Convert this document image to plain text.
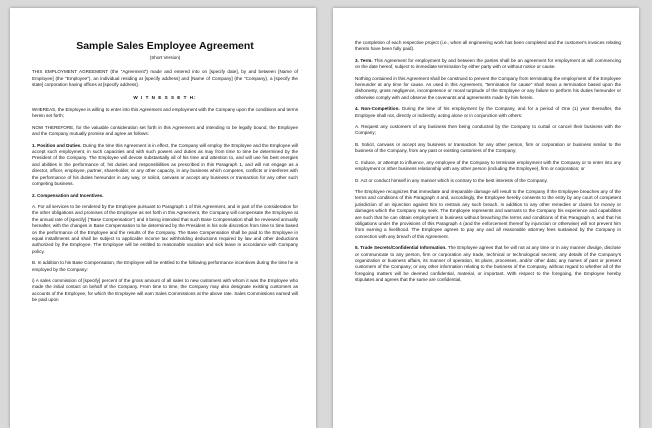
Sample Sales Employee Agreement
(Short Version)

THIS EMPLOYMENT AGREEMENT (the "Agreement") made and entered into on [specify date], by and between [Name of Employee] (the "Employee"), an individual residing at [specify address] and [Name of Company] (the "Company), a [specify the state] corporation having offices at [specify address].

W I T N E S S E T H:

WHEREAS, the Employee is willing to enter into this Agreement and employment with the Company upon the conditions and terms herein set forth;

NOW THEREFORE, for the valuable consideration set forth in this Agreement and intending to be legally bound, the Employee and the Company mutually promise and agree as follows:

1. Position and Duties. During the time this Agreement is in effect, the Company will employ the Employee and the Employee will accept such employment, in such capacities and with such powers and duties as may from time to time be determined by the President of the Company. The Employee will devote substantially all of his time and attention to, and will use his best energies and abilities in the performance of, his duties and responsibilities as prescribed in this Paragraph 1, and will not engage as a director, officer, employee, partner, shareholder, or any other capacity, in any business which competes, conflicts or interferes with the performance of his duties hereunder in any way, or solicit, canvass or accept any business or transaction for any other such competing business.

2. Compensation and Incentives.

A. For all services to be rendered by the Employee pursuant to Paragraph 1 of this Agreement, and in part of the consideration for the other obligations and promises of the Employee as set forth in this Agreement, the Company will compensate the Employee at the annual rate of [specify] ("Base Compensation") and it being intended that such Base Compensation shall be reviewed annually hereafter, with the changes in Base Compensation to be determined by the President in his sole discretion from time to time based on the performance of the Employee and the results of the Company. The Base Compensation shall be paid to the Employee in equal installments and shall be subject to applicable income tax withholding deductions required by law and other deductions authorized by the Employee. The Employee will be entitled to reasonable vacation and sick leave in accordance with Company policy.

B. In addition to his Base Compensation, the Employee will be entitled to the following performance incentives during the time he is employed by the Company:

i) A sales commission of [specify] percent of the gross amount of all sales to new customers with whom it was the Employee who made the initial contact on behalf of the Company. From time to time, the Company may also designate existing customers as accounts of the Employee, for which the Employee will earn Sales Commissions at the above rate. Sales Commissions earned will be paid upon

the completion of each respective project (i.e., when all engineering work has been completed and the customer's invoices relating thereto have been fully paid).

3. Term. This Agreement for employment by and between the parties shall be an agreement for employment at will commencing on the date hereof, subject to immediate termination by either party with or without notice or cause.

Nothing contained in this Agreement shall be construed to prevent the Company from terminating the employment of the Employee hereunder at any time for cause. As used in this Agreement, "termination for cause" shall mean a termination based upon the dishonesty, gross negligence, incompetence or moral turpitude of the Employee or any failure to perform his duties hereunder or otherwise comply with and observe the covenants and agreements made by him herein.

4. Non-Competition. During the time of his employment by the Company, and for a period of One (1) year thereafter, the Employee shall not, directly or indirectly, acting alone or in conjunction with others:

A. Request any customers of any business then being conducted by the Company to curtail or cancel their business with the Company;

B. Solicit, canvass or accept any business or transaction for any other person, firm or corporation or business similar to the business of the Company, from any past or existing customers of the Company;

C. Induce, or attempt to influence, any employee of the Company to terminate employment with the Company or to enter into any employment or other business relationship with any other person (including the Employee), firm or corporation; or

D. Act or conduct himself in any manner which is contrary to the best interests of the Company.

The Employee recognizes that immediate and irreparable damage will result to the Company if the Employee breaches any of the terms and conditions of this Paragraph 4 and, accordingly, the Employee hereby consents to the entry by any court of competent jurisdiction of an injunction against him to restrain any such breach, in addition to any other remedies or claims for money or damages which the Company may seek. The Employee represents and warrants to the Company his experience and capabilities are such that he can obtain employment in business without breaching the terms and conditions of this Paragraph 4, and that his obligations under the provisions of this Paragraph 4 (and the enforcement thereof by injunction or otherwise) will not prevent him from earning a livelihood. The Employee agrees to pay any and all reasonable attorney fees sustained by the Company in connection with any breach of this Agreement.

5. Trade Secrets/Confidential Information. The Employee agrees that he will not at any time or in any manner divulge, disclose or communicate to any person, firm or corporation any trade, technical or technological secrets; any details of the Company's organization or business affairs, its manner of operation, its plans, processes, and/or other data; any names of past or present customers of the Company; or any other information relating to the business of the Company, without regard to whether all of the foregoing matters will be deemed confidential, material, or important. With respect to the foregoing, the Employee hereby stipulates and agrees that the same are confidential,
